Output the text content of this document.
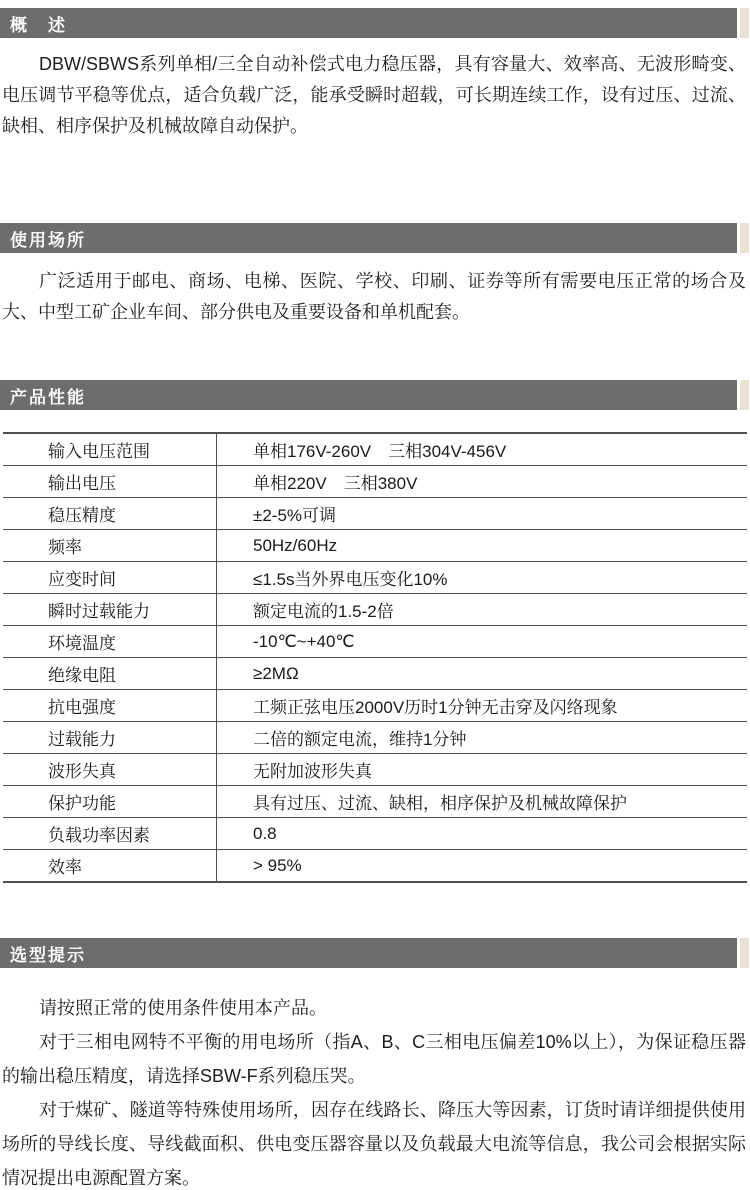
概　述

DBW/SBWS系列单相/三全自动补偿式电力稳压器，具有容量大、效率高、无波形畸变、电压调节平稳等优点，适合负载广泛，能承受瞬时超载，可长期连续工作，设有过压、过流、缺相、相序保护及机械故障自动保护。

使用场所

广泛适用于邮电、商场、电梯、医院、学校、印刷、证券等所有需要电压正常的场合及大、中型工矿企业车间、部分供电及重要设备和单机配套。

产品性能
输入电压范围	单相176V-260V　三相304V-456V
输出电压	单相220V　三相380V
稳压精度	±2-5%可调
频率	50Hz/60Hz
应变时间	≤1.5s当外界电压变化10%
瞬时过载能力	额定电流的1.5-2倍
环境温度	-10℃~+40℃
绝缘电阻	≥2MΩ
抗电强度	工频正弦电压2000V历时1分钟无击穿及闪络现象
过载能力	二倍的额定电流，维持1分钟
波形失真	无附加波形失真
保护功能	具有过压、过流、缺相，相序保护及机械故障保护
负载功率因素	0.8
效率	> 95%
选型提示

请按照正常的使用条件使用本产品。

对于三相电网特不平衡的用电场所（指A、B、C三相电压偏差10%以上），为保证稳压器的输出稳压精度，请选择SBW-F系列稳压哭。

对于煤矿、隧道等特殊使用场所，因存在线路长、降压大等因素，订货时请详细提供使用场所的导线长度、导线截面积、供电变压器容量以及负载最大电流等信息，我公司会根据实际情况提出电源配置方案。
